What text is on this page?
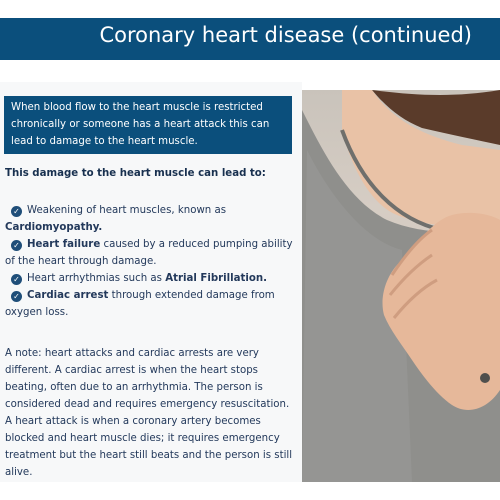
Coronary heart disease (continued)
When blood flow to the heart muscle is restricted chronically or someone has a heart attack this can lead to damage to the heart muscle.
This damage to the heart muscle can lead to:
✓ Weakening of heart muscles, known as Cardiomyopathy.
✓ Heart failure caused by a reduced pumping ability of the heart through damage.
✓ Heart arrhythmias such as Atrial Fibrillation.
✓ Cardiac arrest through extended damage from oxygen loss.
A note: heart attacks and cardiac arrests are very different. A cardiac arrest is when the heart stops beating, often due to an arrhythmia. The person is considered dead and requires emergency resuscitation. A heart attack is when a coronary artery becomes blocked and heart muscle dies; it requires emergency treatment but the heart still beats and the person is still alive.
